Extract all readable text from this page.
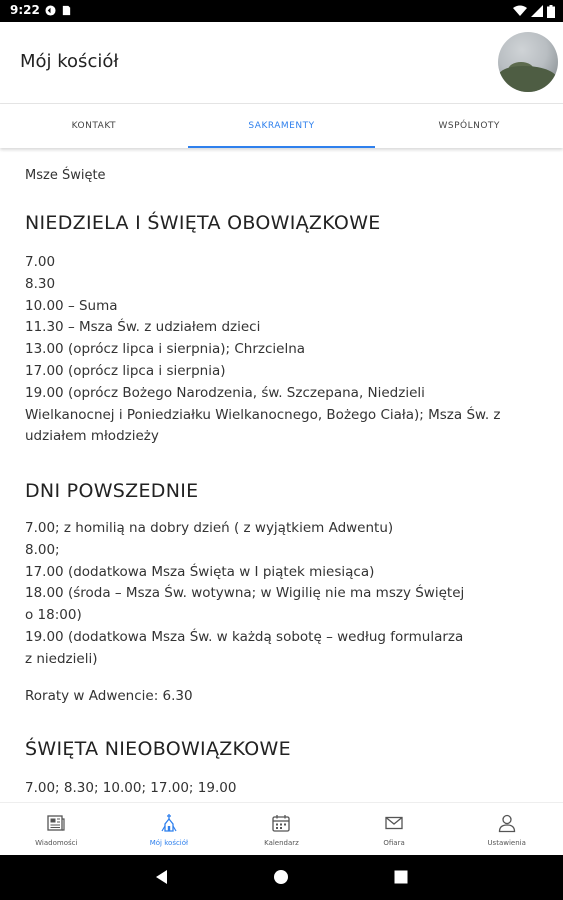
9:22
Mój kościół
KONTAKT	SAKRAMENTY	WSPÓLNOTY
Msze Święte
NIEDZIELA I ŚWIĘTA OBOWIĄZKOWE
7.00
8.30
10.00 – Suma
11.30 – Msza Św. z udziałem dzieci
13.00 (oprócz lipca i sierpnia); Chrzcielna
17.00 (oprócz lipca i sierpnia)
19.00 (oprócz Bożego Narodzenia, św. Szczepana, Niedzieli
Wielkanocnej i Poniedziałku Wielkanocnego, Bożego Ciała); Msza Św. z
udziałem młodzieży
DNI POWSZEDNIE
7.00; z homilią na dobry dzień ( z wyjątkiem Adwentu)
8.00;
17.00 (dodatkowa Msza Święta w I piątek miesiąca)
18.00 (środa – Msza Św. wotywna; w Wigilię nie ma mszy Świętej
o 18:00)
19.00 (dodatkowa Msza Św. w każdą sobotę – według formularza
z niedzieli)
Roraty w Adwencie: 6.30
ŚWIĘTA NIEOBOWIĄZKOWE
7.00; 8.30; 10.00; 17.00; 19.00
Wiadomości	Mój kościół	Kalendarz	Ofiara	Ustawienia
